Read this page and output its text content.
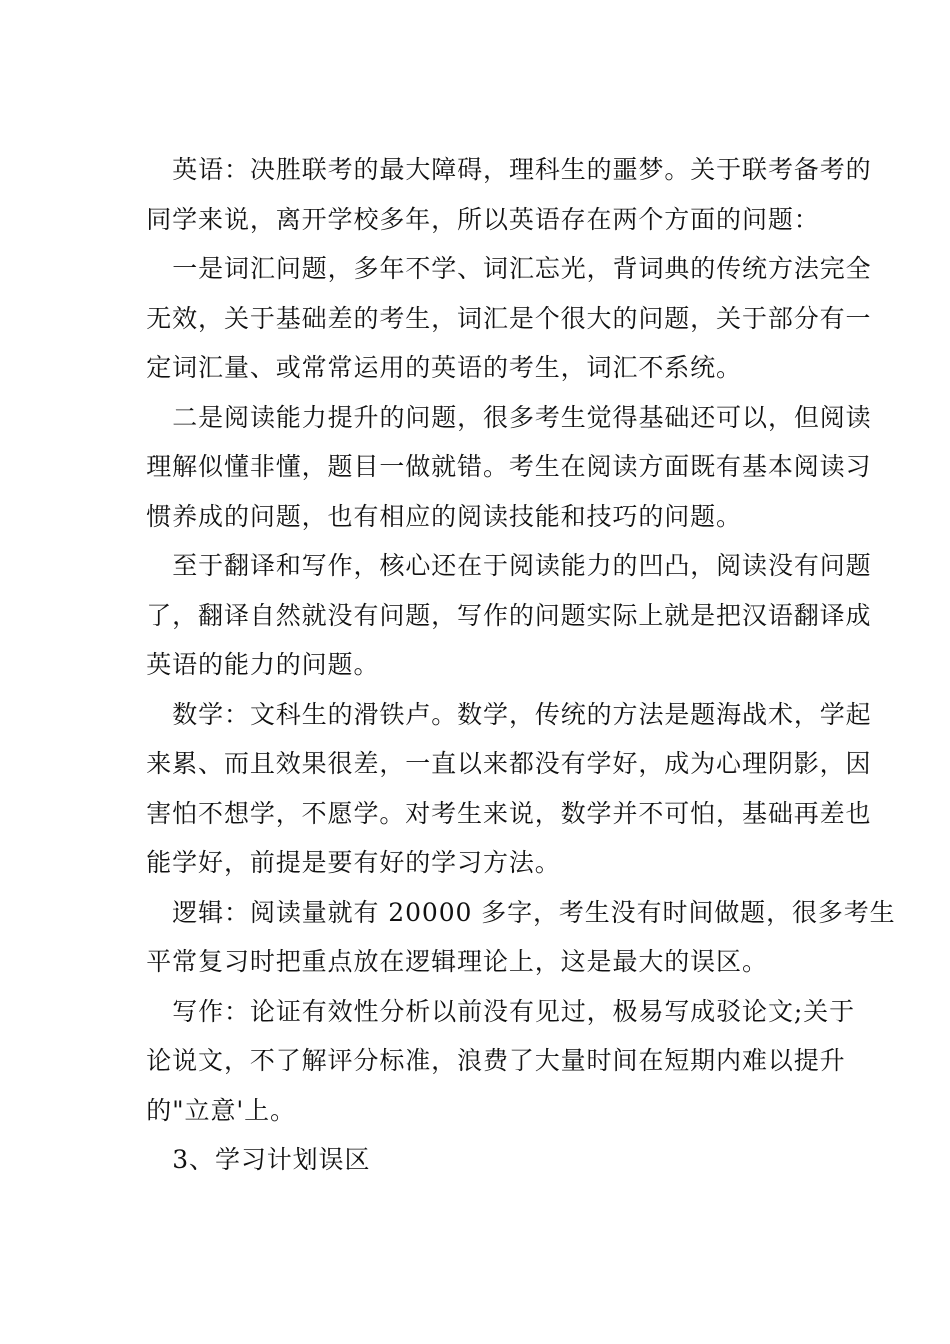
英语：决胜联考的最大障碍，理科生的噩梦。关于联考备考的
同学来说，离开学校多年，所以英语存在两个方面的问题：
一是词汇问题，多年不学、词汇忘光，背词典的传统方法完全
无效，关于基础差的考生，词汇是个很大的问题，关于部分有一
定词汇量、或常常运用的英语的考生，词汇不系统。
二是阅读能力提升的问题，很多考生觉得基础还可以，但阅读
理解似懂非懂，题目一做就错。考生在阅读方面既有基本阅读习
惯养成的问题，也有相应的阅读技能和技巧的问题。
至于翻译和写作，核心还在于阅读能力的凹凸，阅读没有问题
了，翻译自然就没有问题，写作的问题实际上就是把汉语翻译成
英语的能力的问题。
数学：文科生的滑铁卢。数学，传统的方法是题海战术，学起
来累、而且效果很差，一直以来都没有学好，成为心理阴影，因
害怕不想学，不愿学。对考生来说，数学并不可怕，基础再差也
能学好，前提是要有好的学习方法。
逻辑：阅读量就有 20000 多字，考生没有时间做题，很多考生
平常复习时把重点放在逻辑理论上，这是最大的误区。
写作：论证有效性分析以前没有见过，极易写成驳论文;关于
论说文，不了解评分标准，浪费了大量时间在短期内难以提升
的"立意'上。
3、学习计划误区
